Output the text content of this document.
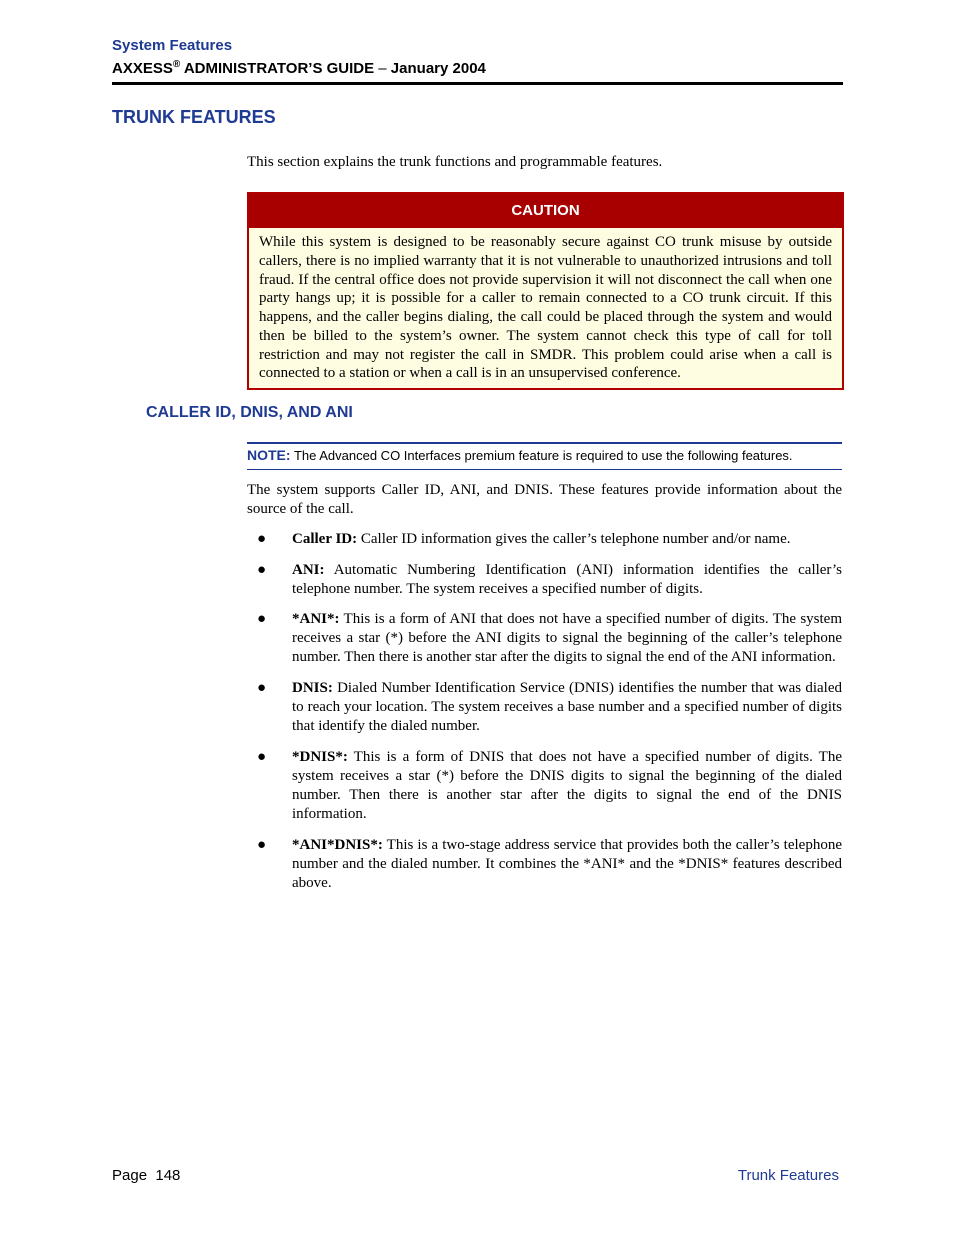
System Features
AXXESS® ADMINISTRATOR’S GUIDE – January 2004
TRUNK FEATURES
This section explains the trunk functions and programmable features.
CAUTION
While this system is designed to be reasonably secure against CO trunk misuse by outside callers, there is no implied warranty that it is not vulnerable to unauthorized intrusions and toll fraud. If the central office does not provide supervision it will not disconnect the call when one party hangs up; it is possible for a caller to remain connected to a CO trunk circuit. If this happens, and the caller begins dialing, the call could be placed through the system and would then be billed to the system’s owner. The system cannot check this type of call for toll restriction and may not register the call in SMDR. This problem could arise when a call is connected to a station or when a call is in an unsupervised conference.
CALLER ID, DNIS, AND ANI
NOTE: The Advanced CO Interfaces premium feature is required to use the following features.
The system supports Caller ID, ANI, and DNIS. These features provide information about the source of the call.
● Caller ID: Caller ID information gives the caller’s telephone number and/or name.
● ANI: Automatic Numbering Identification (ANI) information identifies the caller’s telephone number. The system receives a specified number of digits.
● *ANI*: This is a form of ANI that does not have a specified number of digits. The system receives a star (*) before the ANI digits to signal the beginning of the caller’s telephone number. Then there is another star after the digits to signal the end of the ANI information.
● DNIS: Dialed Number Identification Service (DNIS) identifies the number that was dialed to reach your location. The system receives a base number and a specified number of digits that identify the dialed number.
● *DNIS*: This is a form of DNIS that does not have a specified number of digits. The system receives a star (*) before the DNIS digits to signal the beginning of the dialed number. Then there is another star after the digits to signal the end of the DNIS information.
● *ANI*DNIS*: This is a two-stage address service that provides both the caller’s telephone number and the dialed number. It combines the *ANI* and the *DNIS* features described above.
Page  148	Trunk Features
